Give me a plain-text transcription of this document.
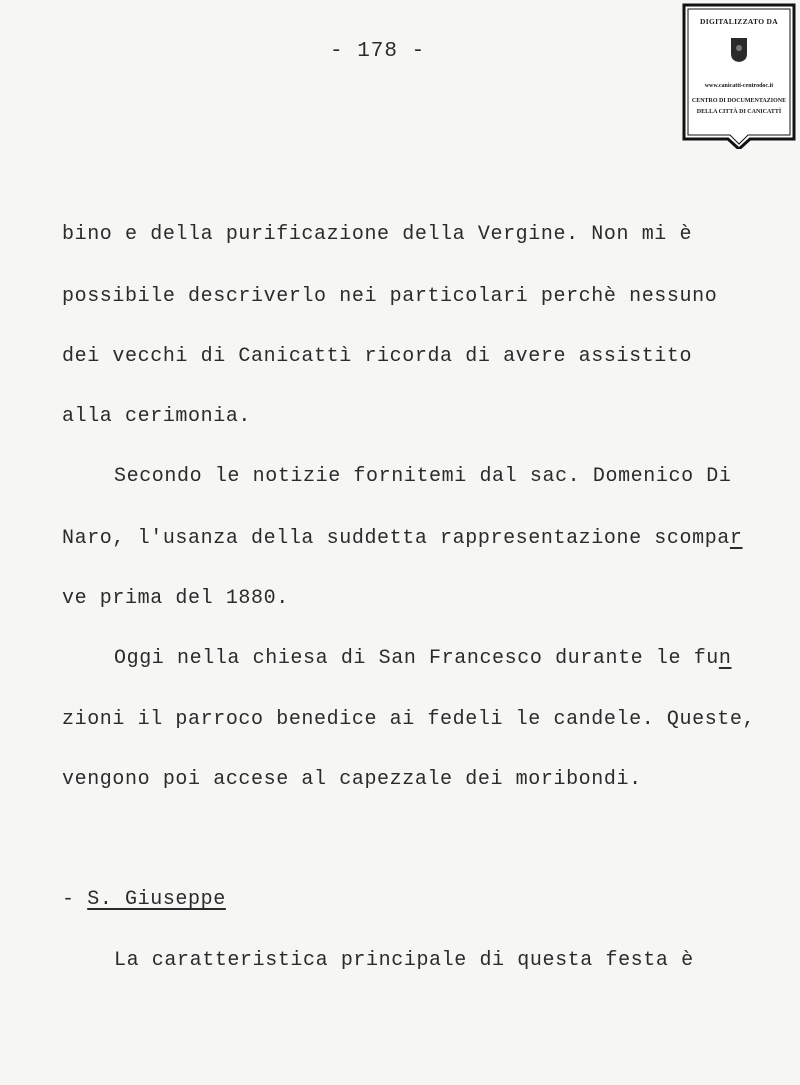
- 178 -
DIGITALIZZATO DA
www.canicatti-centrodoc.it
CENTRO DI DOCUMENTAZIONE
DELLA CITTÀ DI CANICATTÌ
bino e della purificazione della Vergine. Non mi è
possibile descriverlo nei particolari perchè nessuno
dei vecchi di Canicattì ricorda di avere assistito
alla cerimonia.
Secondo le notizie fornitemi dal sac. Domenico Di
Naro, l'usanza della suddetta rappresentazione scompar
ve prima del 1880.
Oggi nella chiesa di San Francesco durante le fun
zioni il parroco benedice ai fedeli le candele. Queste,
vengono poi accese al capezzale dei moribondi.
- S. Giuseppe
La caratteristica principale di questa festa è
